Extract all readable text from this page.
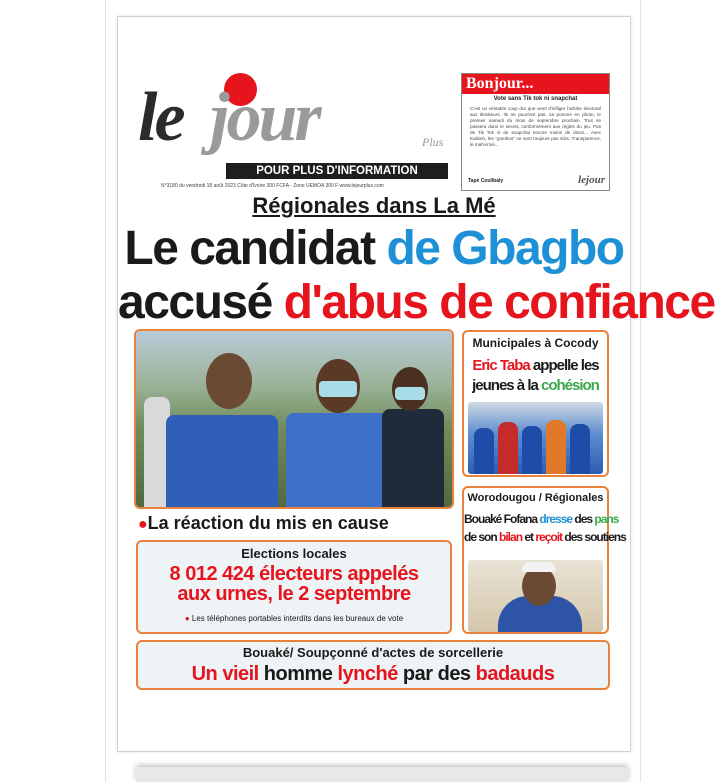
le jour	Plus
POUR PLUS D'INFORMATION
N°3180 du vendredi 18 août 2023 Côte d'Ivoire 300 FCFA - Zone UEMOA 300 F www.lejourplus.com
Bonjour...
Vote sans Tik tok ni snapchat
C'est un véritable coup dur que vient d'infliger l'arbitre électoral aux tiktokeurs. Ils ne pourront pas, sa pomme en photo, le premier samedi du mois de septembre prochain. Tout se passera dans le secret, conformément aux règles du jeu. Pas de Tik Tok ni de snapchat encore moins de direct... Avec Kalsieh, les "gombos" ne sont toujours pas sûrs. Transparence, le mal'errosi...
Tapé Coulibaly	lejour
Régionales dans La Mé
Le candidat de Gbagbo
accusé d'abus de confiance
●La réaction du mis en cause
Municipales à Cocody
Eric Taba appelle les
jeunes à la cohésion
Worodougou / Régionales
Bouaké Fofana dresse des pans
de son bilan et reçoit des soutiens
Elections locales
8 012 424 électeurs appelés
aux urnes, le 2 septembre
● Les téléphones portables interdits dans les bureaux de vote
Bouaké/ Soupçonné d'actes de sorcellerie
Un vieil homme lynché par des badauds
